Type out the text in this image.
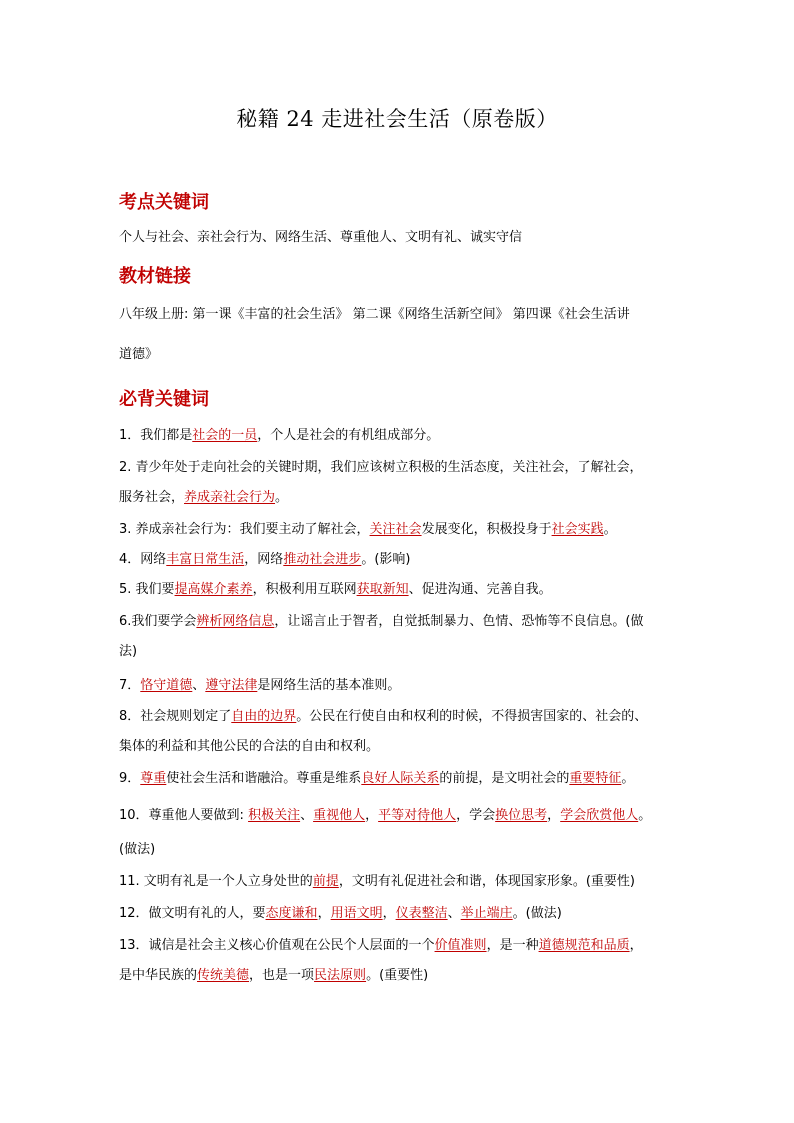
秘籍 24 走进社会生活（原卷版）
考点关键词
个人与社会、亲社会行为、网络生活、尊重他人、文明有礼、诚实守信
教材链接
八年级上册: 第一课《丰富的社会生活》 第二课《网络生活新空间》 第四课《社会生活讲
道德》
必背关键词
1．我们都是社会的一员，个人是社会的有机组成部分。
2. 青少年处于走向社会的关键时期，我们应该树立积极的生活态度，关注社会，了解社会，
服务社会，养成亲社会行为。
3. 养成亲社会行为：我们要主动了解社会，关注社会发展变化，积极投身于社会实践。
4．网络丰富日常生活，网络推动社会进步。(影响)
5. 我们要提高媒介素养，积极利用互联网获取新知、促进沟通、完善自我。
6.我们要学会辨析网络信息，让谣言止于智者，自觉抵制暴力、色情、恐怖等不良信息。(做
法)
7．恪守道德、遵守法律是网络生活的基本准则。
8．社会规则划定了自由的边界。公民在行使自由和权利的时候，不得损害国家的、社会的、
集体的利益和其他公民的合法的自由和权利。
9．尊重使社会生活和谐融洽。尊重是维系良好人际关系的前提，是文明社会的重要特征。
10．尊重他人要做到: 积极关注、重视他人，平等对待他人，学会换位思考，学会欣赏他人。
(做法)
11. 文明有礼是一个人立身处世的前提，文明有礼促进社会和谐，体现国家形象。(重要性)
12．做文明有礼的人，要态度谦和，用语文明，仪表整洁、举止端庄。(做法)
13．诚信是社会主义核心价值观在公民个人层面的一个价值准则，是一种道德规范和品质，
是中华民族的传统美德，也是一项民法原则。(重要性)
